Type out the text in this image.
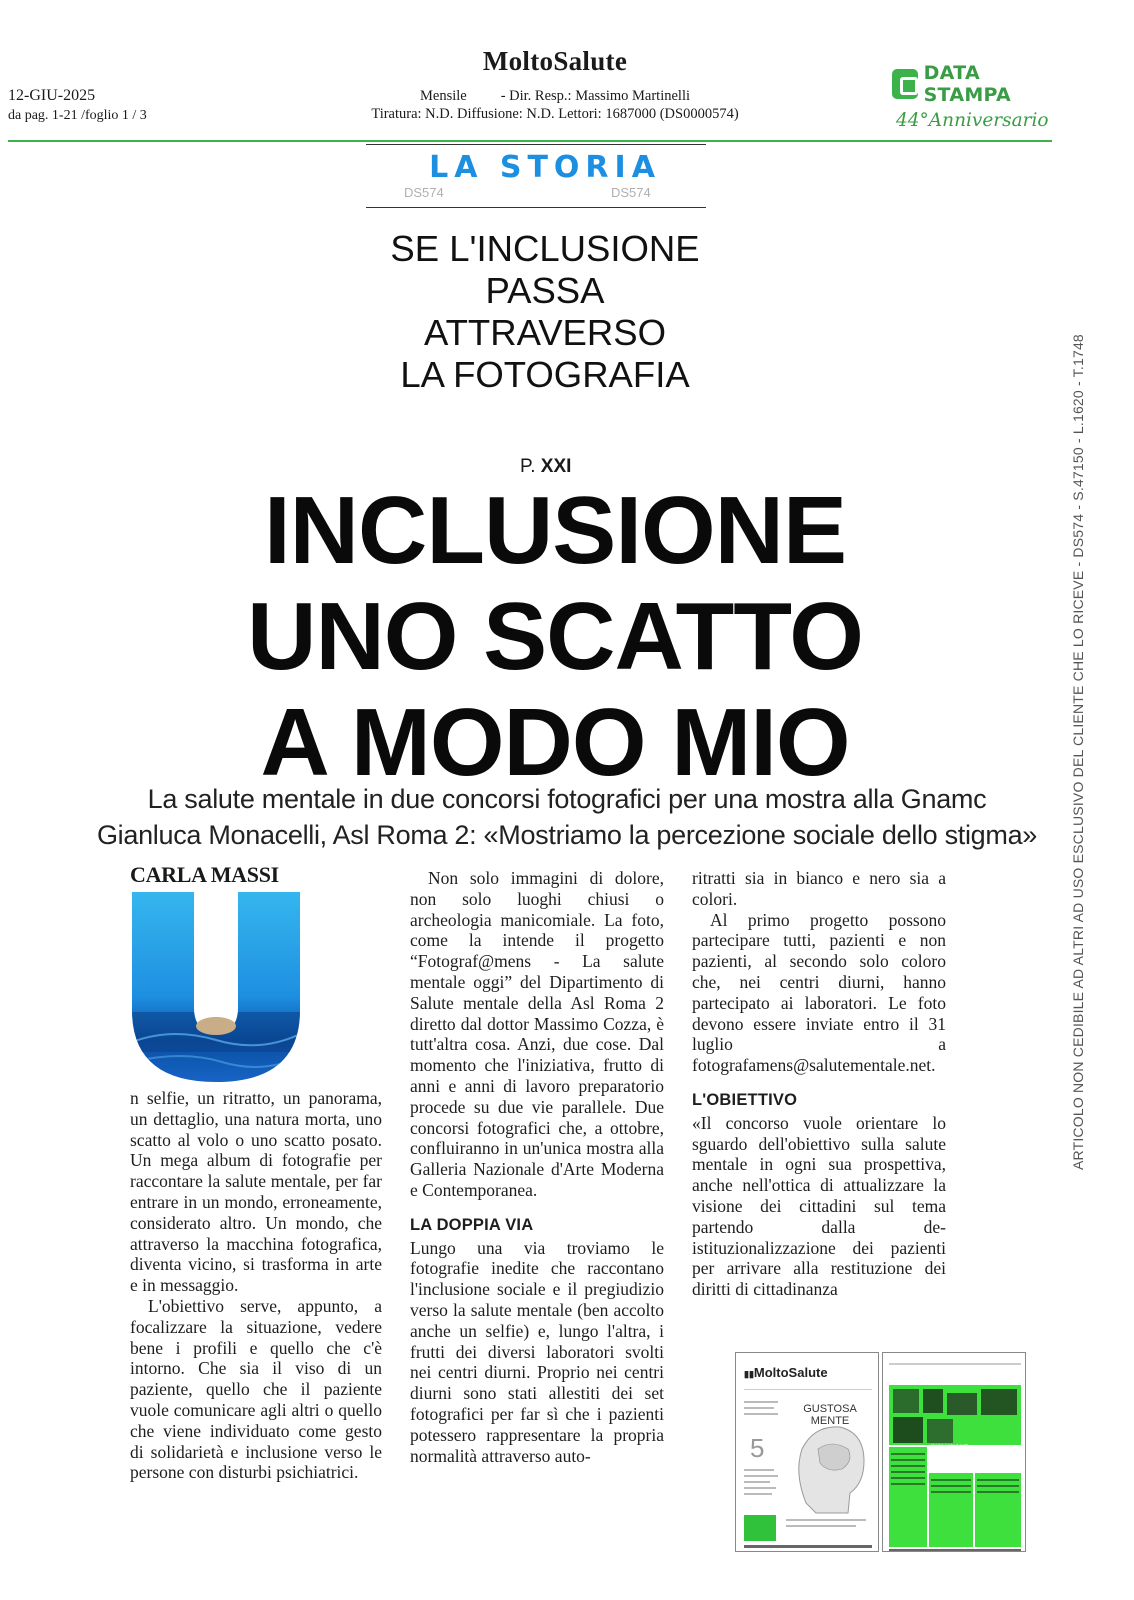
12-GIU-2025
da pag. 1-21 /foglio 1 / 3
MoltoSalute
Mensile - Dir. Resp.: Massimo Martinelli
Tiratura: N.D. Diffusione: N.D. Lettori: 1687000 (DS0000574)
DATA STAMPA
44°Anniversario
ARTICOLO NON CEDIBILE AD ALTRI AD USO ESCLUSIVO DEL CLIENTE CHE LO RICEVE - DS574 - S.47150 - L.1620 - T.1748
LA STORIA
DS574	DS574
SE L'INCLUSIONE
PASSA
ATTRAVERSO
LA FOTOGRAFIA
P. XXI
INCLUSIONE
UNO SCATTO
A MODO MIO
La salute mentale in due concorsi fotografici per una mostra alla Gnamc
Gianluca Monacelli, Asl Roma 2: «Mostriamo la percezione sociale dello stigma»
CARLA MASSI

n selfie, un ritratto, un panorama, un dettaglio, una natura morta, uno scatto al volo o uno scatto posato. Un mega album di fotografie per raccontare la salute mentale, per far entrare in un mondo, erroneamente, considerato altro. Un mondo, che attraverso la macchina fotografica, diventa vicino, si trasforma in arte e in messaggio.

L'obiettivo serve, appunto, a focalizzare la situazione, vedere bene i profili e quello che c'è intorno. Che sia il viso di un paziente, quello che il paziente vuole comunicare agli altri o quello che viene individuato come gesto di solidarietà e inclusione verso le persone con disturbi psichiatrici.

Non solo immagini di dolore, non solo luoghi chiusi o archeologia manicomiale. La foto, come la intende il progetto “Fotograf@mens - La salute mentale oggi” del Dipartimento di Salute mentale della Asl Roma 2 diretto dal dottor Massimo Cozza, è tutt'altra cosa. Anzi, due cose. Dal momento che l'iniziativa, frutto di anni e anni di lavoro preparatorio procede su due vie parallele. Due concorsi fotografici che, a ottobre, confluiranno in un'unica mostra alla Galleria Nazionale d'Arte Moderna e Contemporanea.

LA DOPPIA VIA

Lungo una via troviamo le fotografie inedite che raccontano l'inclusione sociale e il pregiudizio verso la salute mentale (ben accolto anche un selfie) e, lungo l'altra, i frutti dei diversi laboratori svolti nei centri diurni. Proprio nei centri diurni sono stati allestiti dei set fotografici per far sì che i pazienti potessero rappresentare la propria normalità attraverso auto-

ritratti sia in bianco e nero sia a colori.

Al primo progetto possono partecipare tutti, pazienti e non pazienti, al secondo solo coloro che, nei centri diurni, hanno partecipato ai laboratori. Le foto devono essere inviate entro il 31 luglio a fotografamens@salutementale.net.

L'OBIETTIVO

«Il concorso vuole orientare lo sguardo dell'obiettivo sulla salute mentale in ogni sua prospettiva, anche nell'ottica di attualizzare la visione dei cittadini sul tema partendo dalla de-istituzionalizzazione dei pazienti per arrivare alla restituzione dei diritti di cittadinanza

▮▮MoltoSalute
GUSTOSA MENTE
5	INCLUSIONE UNO SCATTO A MODO MIO
